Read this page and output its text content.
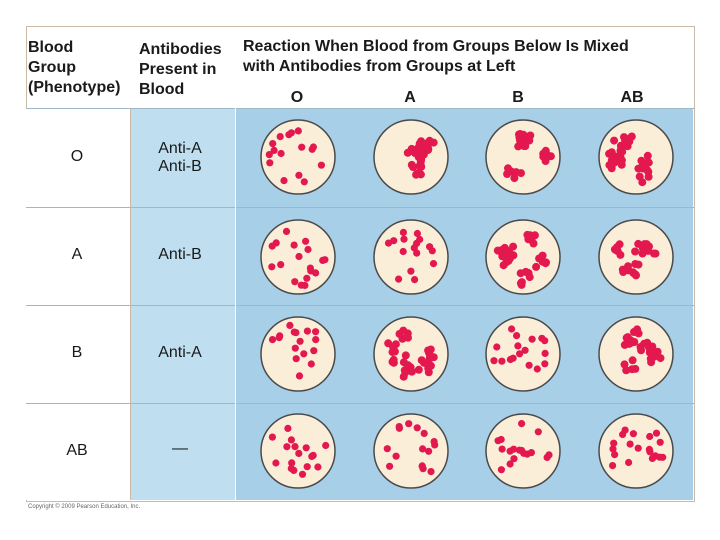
Blood
Group
(Phenotype)
Antibodies
Present in
Blood
Reaction When Blood from Groups Below Is Mixed
with Antibodies from Groups at Left
O	A	B	AB
O	Anti-A
Anti-B
A	Anti-B
B	Anti-A
AB	—
Copyright © 2009 Pearson Education, Inc.
